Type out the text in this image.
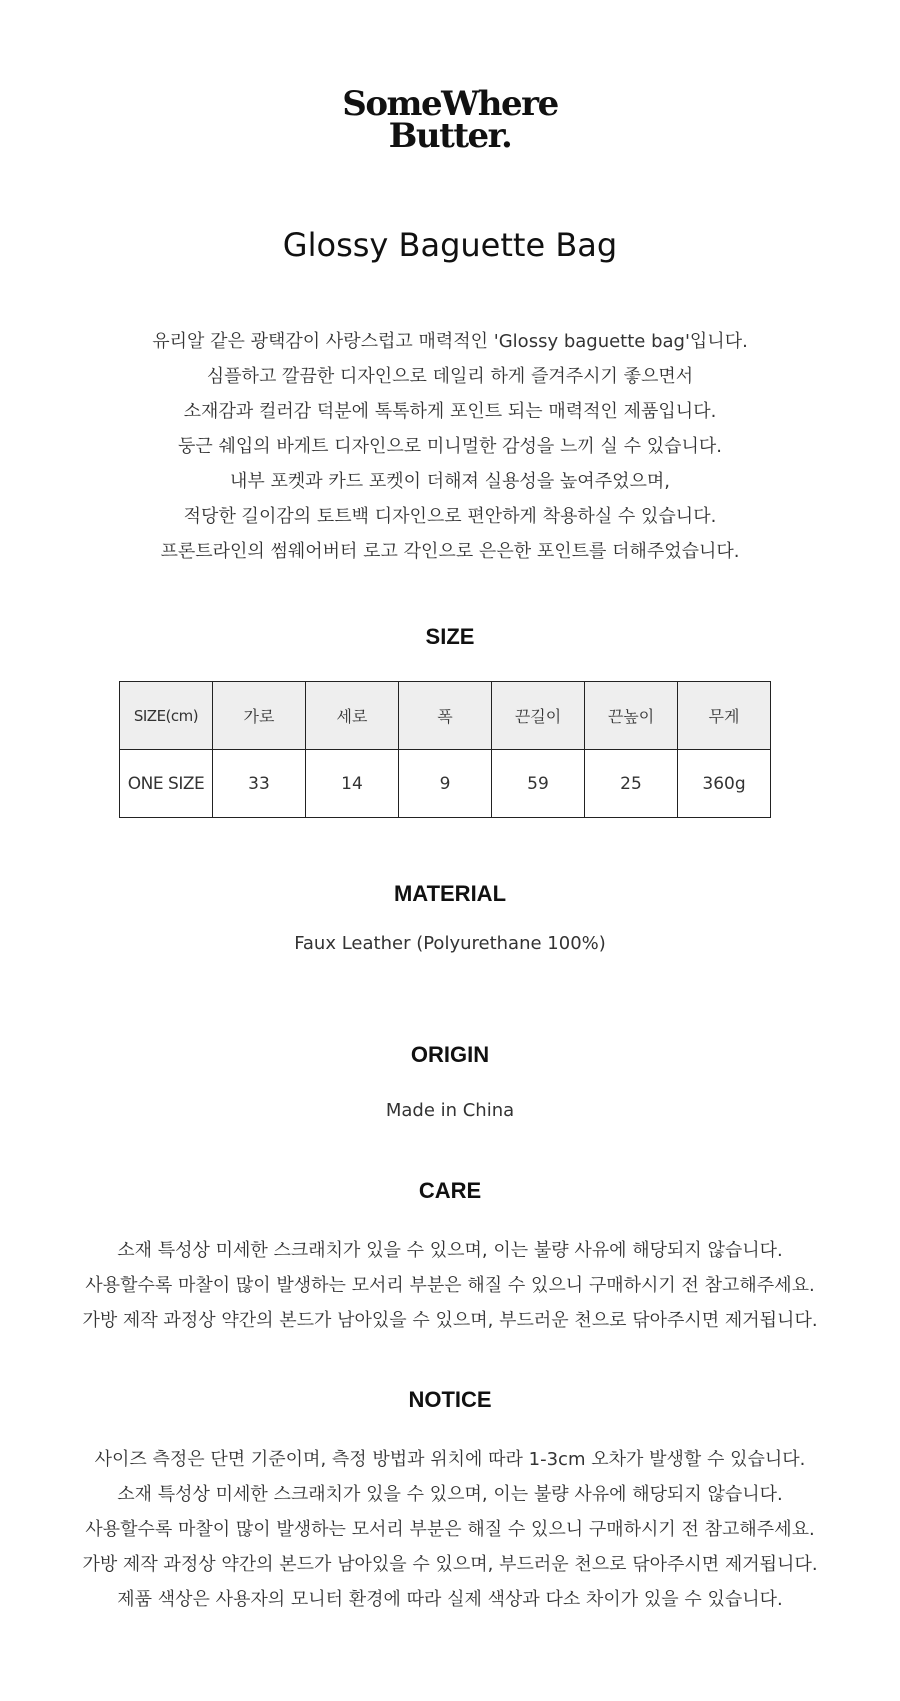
SomeWhere
Butter.
Glossy Baguette Bag

유리알 같은 광택감이 사랑스럽고 매력적인 'Glossy baguette bag'입니다.

심플하고 깔끔한 디자인으로 데일리 하게 즐겨주시기 좋으면서

소재감과 컬러감 덕분에 톡톡하게 포인트 되는 매력적인 제품입니다.

둥근 쉐입의 바게트 디자인으로 미니멀한 감성을 느끼 실 수 있습니다.

내부 포켓과 카드 포켓이 더해져 실용성을 높여주었으며,

적당한 길이감의 토트백 디자인으로 편안하게 착용하실 수 있습니다.

프론트라인의 썸웨어버터 로고 각인으로 은은한 포인트를 더해주었습니다.

SIZE
SIZE(cm)	가로	세로	폭	끈길이	끈높이	무게
ONE SIZE	33	14	9	59	25	360g
MATERIAL

Faux Leather (Polyurethane 100%)

ORIGIN

Made in China

CARE

소재 특성상 미세한 스크래치가 있을 수 있으며, 이는 불량 사유에 해당되지 않습니다.

사용할수록 마찰이 많이 발생하는 모서리 부분은 해질 수 있으니 구매하시기 전 참고해주세요.

가방 제작 과정상 약간의 본드가 남아있을 수 있으며, 부드러운 천으로 닦아주시면 제거됩니다.

NOTICE

사이즈 측정은 단면 기준이며, 측정 방법과 위치에 따라 1-3cm 오차가 발생할 수 있습니다.

소재 특성상 미세한 스크래치가 있을 수 있으며, 이는 불량 사유에 해당되지 않습니다.

사용할수록 마찰이 많이 발생하는 모서리 부분은 해질 수 있으니 구매하시기 전 참고해주세요.

가방 제작 과정상 약간의 본드가 남아있을 수 있으며, 부드러운 천으로 닦아주시면 제거됩니다.

제품 색상은 사용자의 모니터 환경에 따라 실제 색상과 다소 차이가 있을 수 있습니다.
